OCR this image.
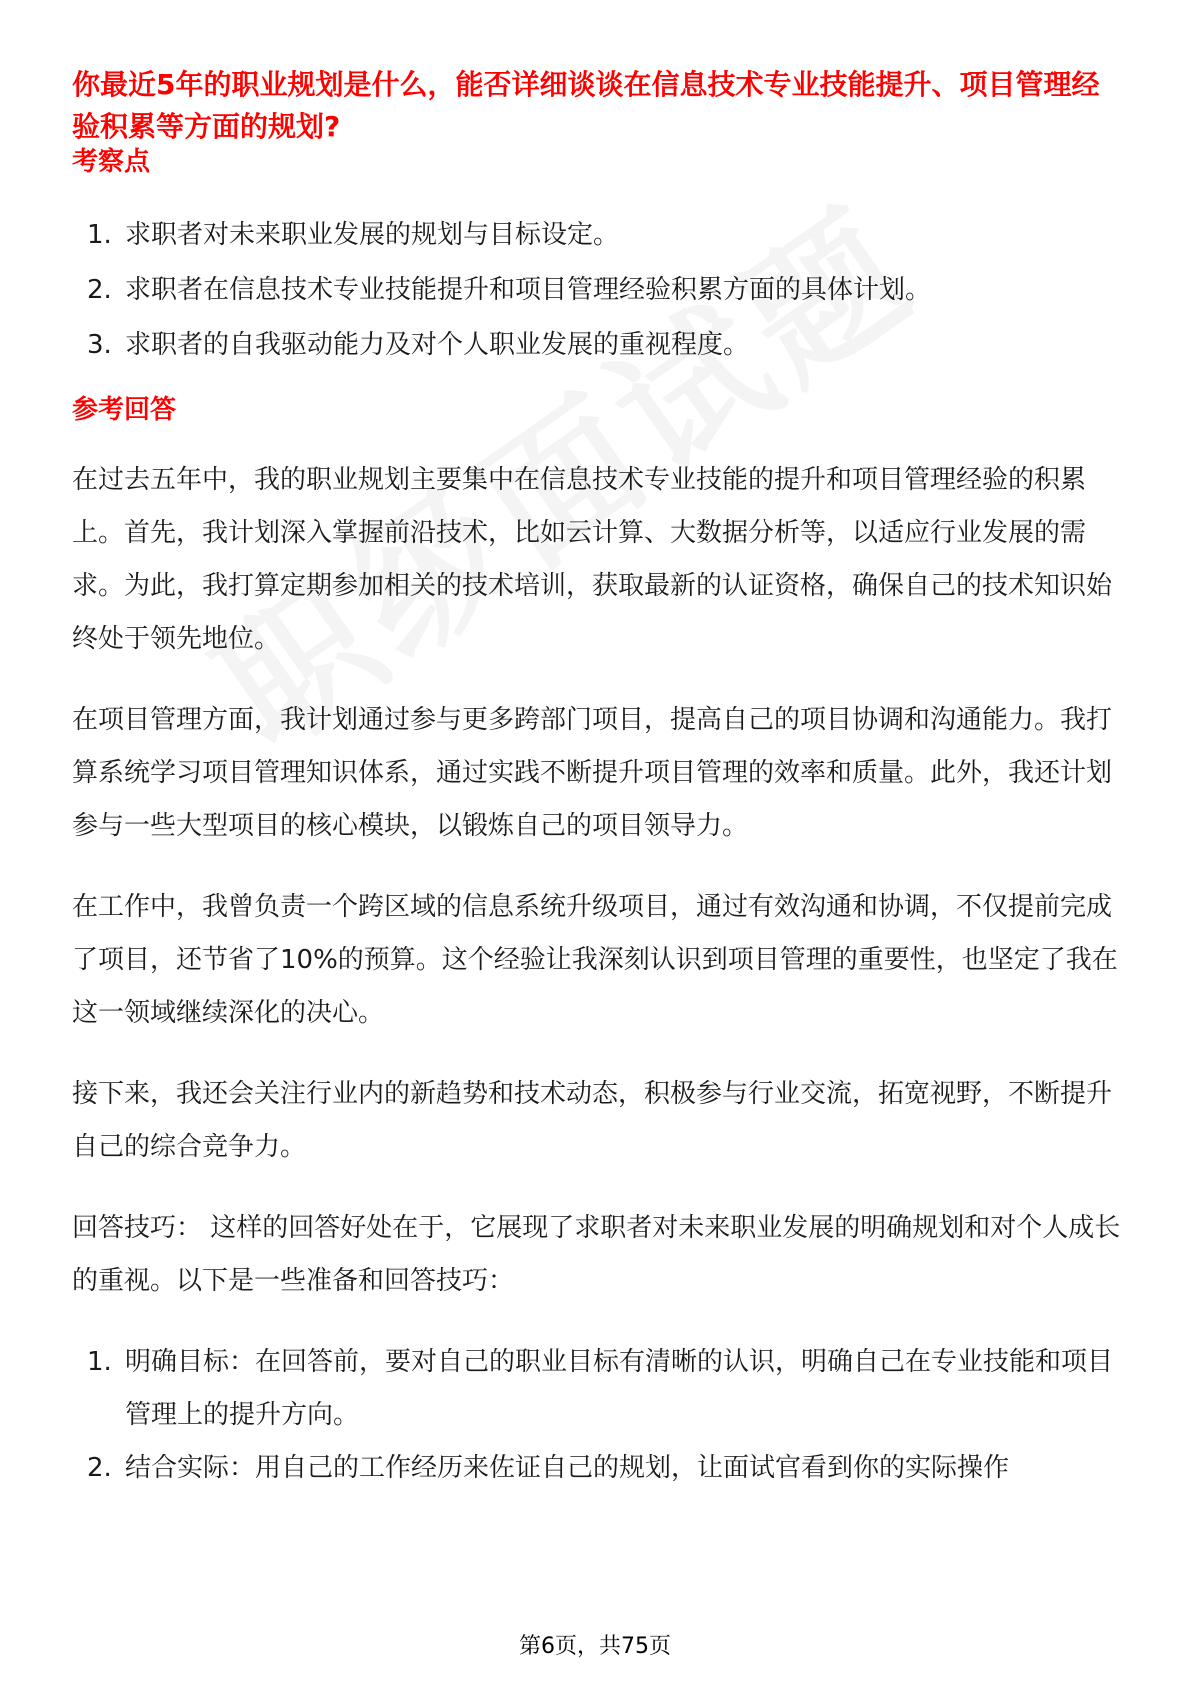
你最近5年的职业规划是什么，能否详细谈谈在信息技术专业技能提升、项目管理经验积累等方面的规划?
考察点
1. 求职者对未来职业发展的规划与目标设定。
2. 求职者在信息技术专业技能提升和项目管理经验积累方面的具体计划。
3. 求职者的自我驱动能力及对个人职业发展的重视程度。
参考回答

在过去五年中，我的职业规划主要集中在信息技术专业技能的提升和项目管理经验的积累上。首先，我计划深入掌握前沿技术，比如云计算、大数据分析等，以适应行业发展的需求。为此，我打算定期参加相关的技术培训，获取最新的认证资格，确保自己的技术知识始终处于领先地位。

在项目管理方面，我计划通过参与更多跨部门项目，提高自己的项目协调和沟通能力。我打算系统学习项目管理知识体系，通过实践不断提升项目管理的效率和质量。此外，我还计划参与一些大型项目的核心模块，以锻炼自己的项目领导力。

在工作中，我曾负责一个跨区域的信息系统升级项目，通过有效沟通和协调，不仅提前完成了项目，还节省了10%的预算。这个经验让我深刻认识到项目管理的重要性，也坚定了我在这一领域继续深化的决心。

接下来，我还会关注行业内的新趋势和技术动态，积极参与行业交流，拓宽视野，不断提升自己的综合竞争力。

回答技巧： 这样的回答好处在于，它展现了求职者对未来职业发展的明确规划和对个人成长的重视。以下是一些准备和回答技巧：

1. 明确目标：在回答前，要对自己的职业目标有清晰的认识，明确自己在专业技能和项目管理上的提升方向。
2. 结合实际：用自己的工作经历来佐证自己的规划，让面试官看到你的实际操作
第6页，共75页
